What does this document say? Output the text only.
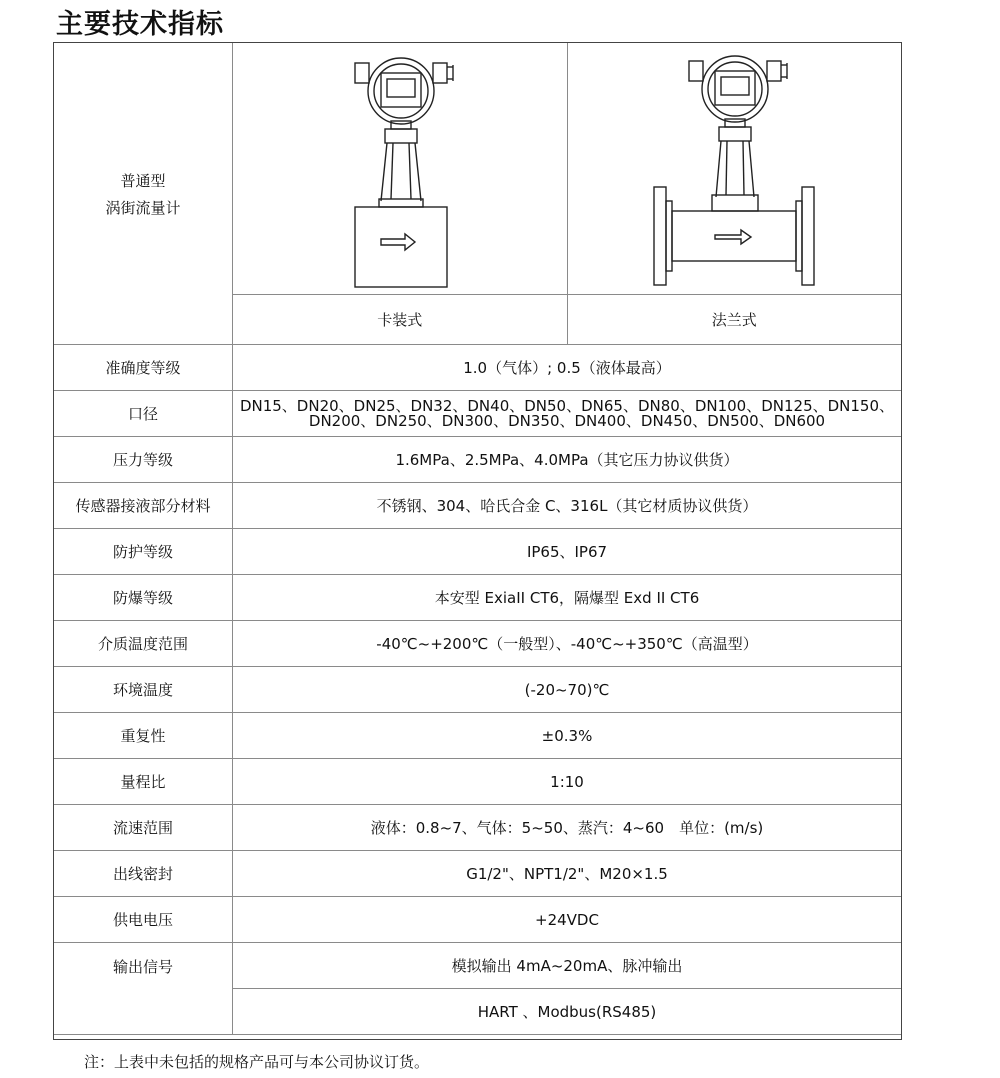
主要技术指标
普通型
涡街流量计

	卡装式	法兰式
准确度等级	1.0（气体）; 0.5（液体最高）	
口径	DN15、DN20、DN25、DN32、DN40、DN50、DN65、DN80、DN100、DN125、DN150、
DN200、DN250、DN300、DN350、DN400、DN450、DN500、DN600	

压力等级	1.6MPa、2.5MPa、4.0MPa（其它压力协议供货）	
传感器接液部分材料	不锈钢、304、哈氏合金 C、316L（其它材质协议供货）	
防护等级	IP65、IP67	
防爆等级	本安型 ExiaII CT6，隔爆型 Exd II CT6	
介质温度范围	-40℃~+200℃（一般型）、-40℃~+350℃（高温型）	
环境温度	(-20~70)℃	
重复性	±0.3%	
量程比	1:10	
流速范围	液体：0.8~7、气体：5~50、蒸汽：4~60　单位：(m/s)	
出线密封	G1/2"、NPT1/2"、M20×1.5	
供电电压	+24VDC	
输出信号	模拟输出 4mA~20mA、脉冲输出	
	HART 、Modbus(RS485)	
注：上表中未包括的规格产品可与本公司协议订货。
